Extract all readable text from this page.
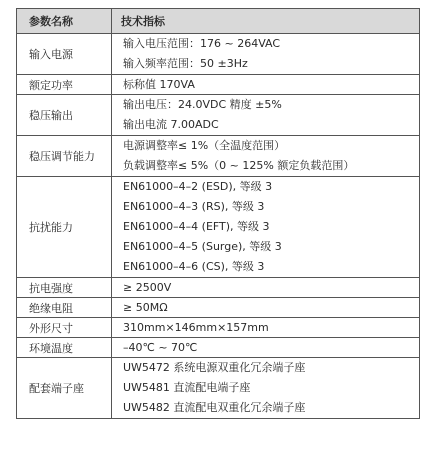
参数名称	技术指标
输入电源	输入电压范围：176 ~ 264VAC
输入频率范围：50 ±3Hz

额定功率	标称值 170VA

稳压输出	输出电压：24.0VDC 精度 ±5%
输出电流 7.00ADC

稳压调节能力	电源调整率≤ 1%（全温度范围）
负载调整率≤ 5%（0 ~ 125% 额定负载范围）

抗扰能力	EN61000–4–2 (ESD), 等级 3
EN61000–4–3 (RS), 等级 3
EN61000–4–4 (EFT), 等级 3
EN61000–4–5 (Surge), 等级 3
EN61000–4–6 (CS), 等级 3

抗电强度	≥ 2500V

绝缘电阻	≥ 50MΩ

外形尺寸	310mm×146mm×157mm

环境温度	–40℃ ~ 70℃

配套端子座	UW5472 系统电源双重化冗余端子座
UW5481 直流配电端子座
UW5482 直流配电双重化冗余端子座
